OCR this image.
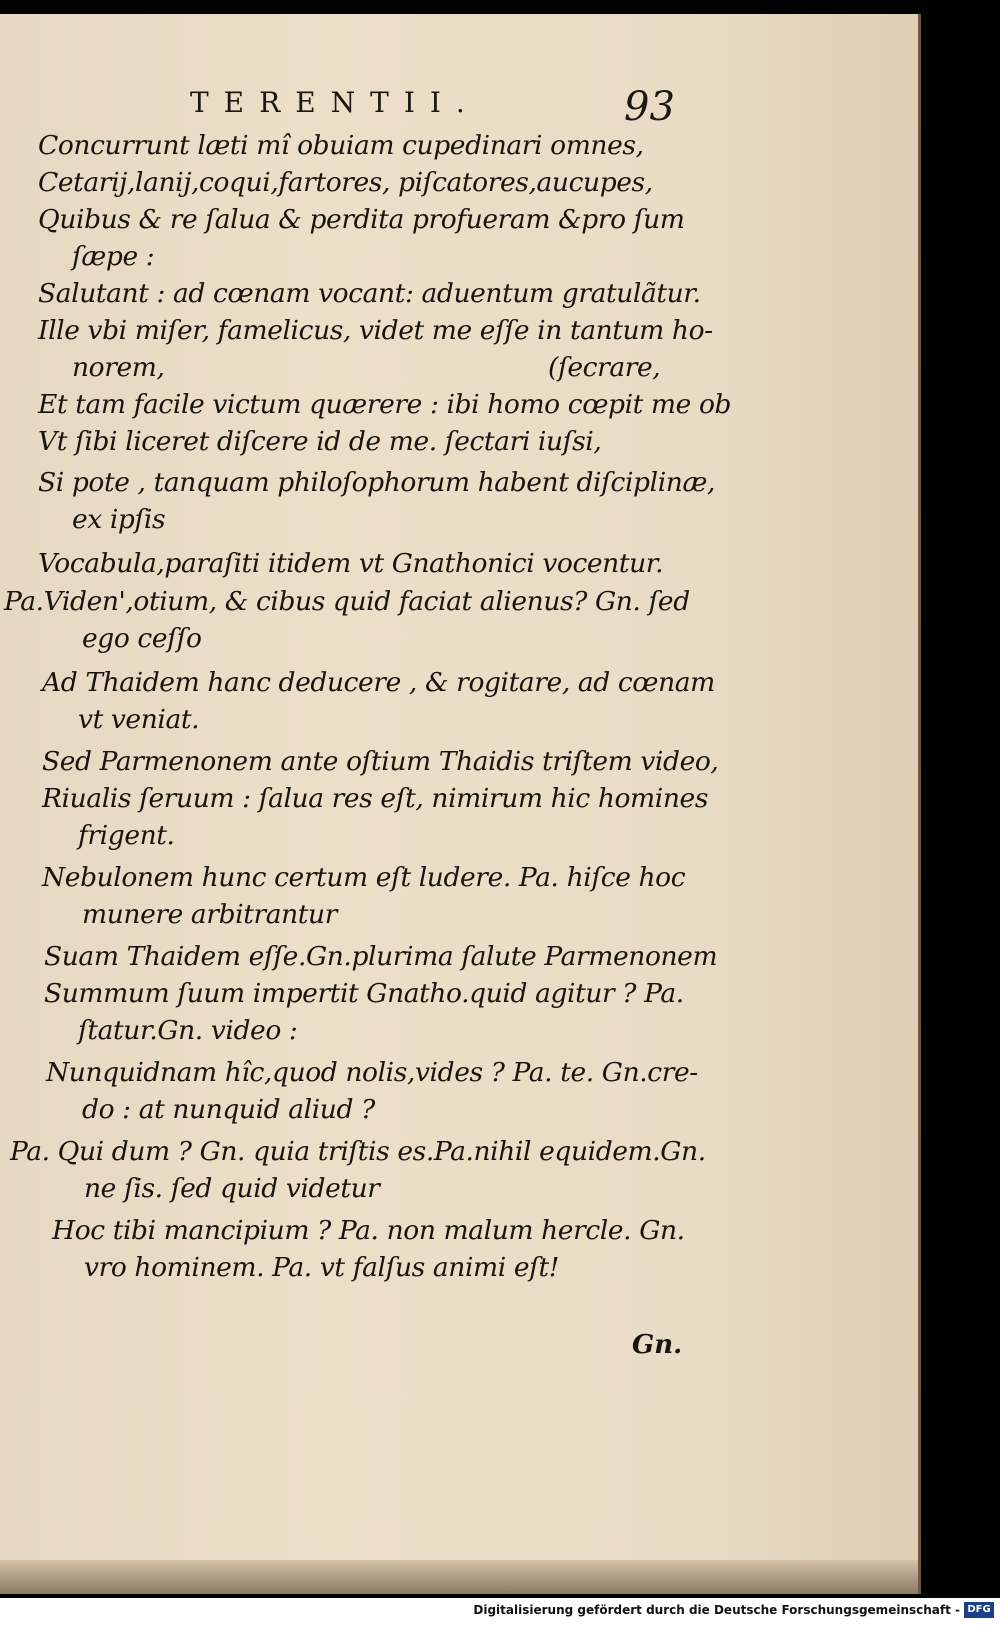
TERENTII.	93
Concurrunt læti mî obuiam cupedinari omnes,
Cetarij,lanij,coqui,fartores, piſcatores,aucupes,
Quibus & re ſalua & perdita profueram &pro ſum
ſæpe :
Salutant : ad cœnam vocant: aduentum gratulãtur.
Ille vbi miſer, famelicus, videt me eſſe in tantum ho-
norem,	(ſecrare,
Et tam facile victum quærere : ibi homo cœpit me ob
Vt ſibi liceret diſcere id de me. ſectari iuſsi,
Si pote , tanquam philoſophorum habent diſciplinæ,
ex ipſis
Vocabula,paraſiti itidem vt Gnathonici vocentur.
Pa.Viden',otium, & cibus quid faciat alienus? Gn. ſed
ego ceſſo
Ad Thaidem hanc deducere , & rogitare, ad cœnam
vt veniat.
Sed Parmenonem ante oſtium Thaidis triſtem video,
Riualis ſeruum : ſalua res eſt, nimirum hic homines
frigent.
Nebulonem hunc certum eſt ludere. Pa. hiſce hoc
munere arbitrantur
Suam Thaidem eſſe.Gn.plurima ſalute Parmenonem
Summum ſuum impertit Gnatho.quid agitur ? Pa.
ſtatur.Gn. video :
Nunquidnam hîc,quod nolis,vides ? Pa. te. Gn.cre-
do : at nunquid aliud ?
Pa. Qui dum ? Gn. quia triſtis es.Pa.nihil equidem.Gn.
ne ſis. ſed quid videtur
Hoc tibi mancipium ? Pa. non malum hercle. Gn.
vro hominem. Pa. vt falſus animi eſt!
Gn.
Digitalisierung gefördert durch die Deutsche Forschungsgemeinschaft - DFG
